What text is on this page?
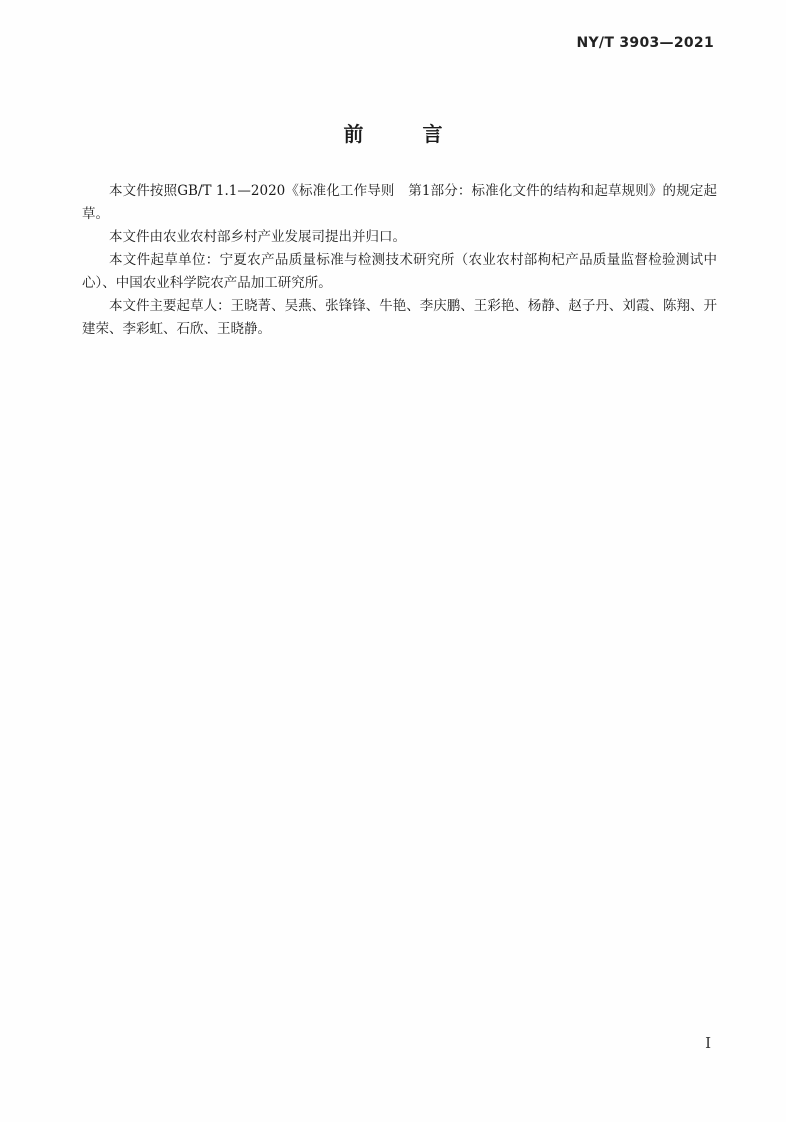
NY/T 3903—2021
前 言

本文件按照GB/T 1.1—2020《标准化工作导则　第1部分：标准化文件的结构和起草规则》的规定起草。

本文件由农业农村部乡村产业发展司提出并归口。

本文件起草单位：宁夏农产品质量标准与检测技术研究所（农业农村部枸杞产品质量监督检验测试中心）、中国农业科学院农产品加工研究所。

本文件主要起草人：王晓菁、吴燕、张锋锋、牛艳、李庆鹏、王彩艳、杨静、赵子丹、刘霞、陈翔、开建荣、李彩虹、石欣、王晓静。

I
